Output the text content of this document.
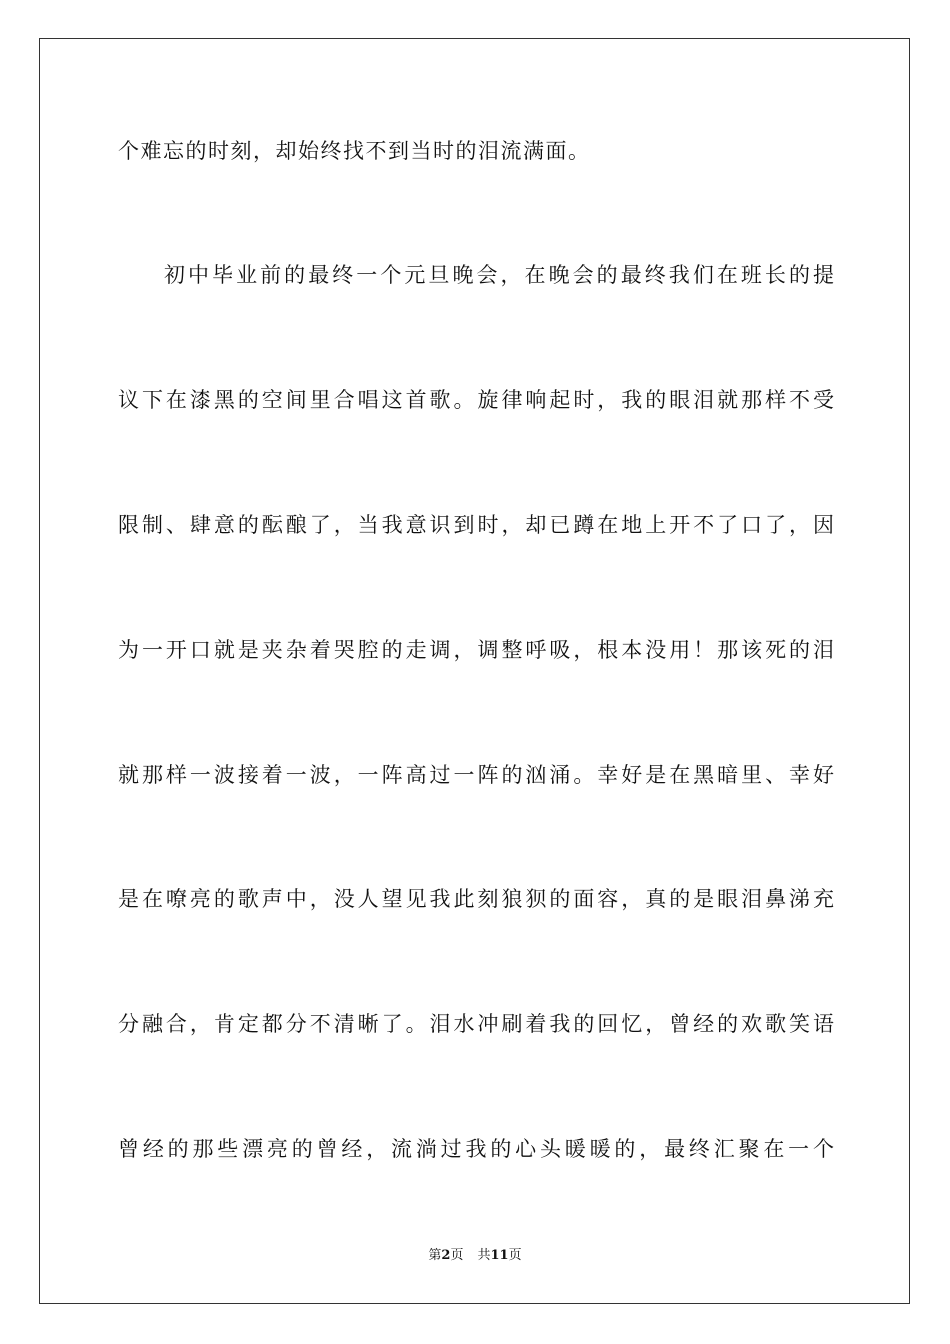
个难忘的时刻，却始终找不到当时的泪流满面。
初中毕业前的最终一个元旦晚会，在晚会的最终我们在班长的提
议下在漆黑的空间里合唱这首歌。旋律响起时，我的眼泪就那样不受
限制、肆意的酝酿了，当我意识到时，却已蹲在地上开不了口了，因
为一开口就是夹杂着哭腔的走调，调整呼吸，根本没用！那该死的泪
就那样一波接着一波，一阵高过一阵的汹涌。幸好是在黑暗里、幸好
是在嘹亮的歌声中，没人望见我此刻狼狈的面容，真的是眼泪鼻涕充
分融合，肯定都分不清晰了。泪水冲刷着我的回忆，曾经的欢歌笑语
曾经的那些漂亮的曾经，流淌过我的心头暖暖的，最终汇聚在一个
第2页 共11页
